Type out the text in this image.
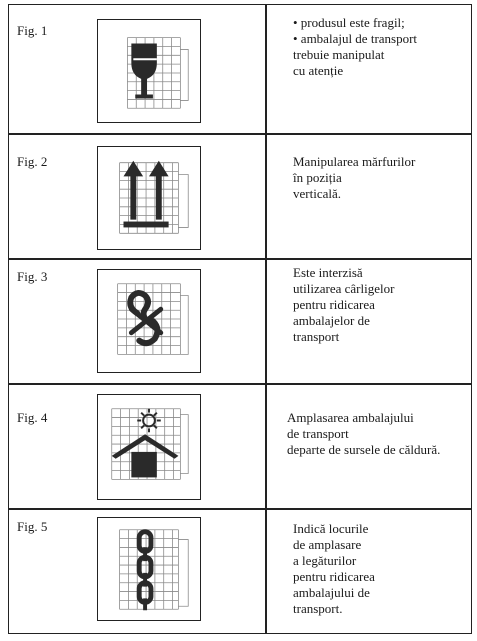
Fig. 1
• produsul este fragil;
• ambalajul de transport
trebuie manipulat
cu atenție
Fig. 2	Manipularea mărfurilor
în poziția
verticală.
Fig. 3	Este interzisă
utilizarea cârligelor
pentru ridicarea
ambalajelor de
transport
Fig. 4	Amplasarea ambalajului
de transport
departe de sursele de căldură.
Fig. 5	Indică locurile
de amplasare
a legăturilor
pentru ridicarea
ambalajului de
transport.
